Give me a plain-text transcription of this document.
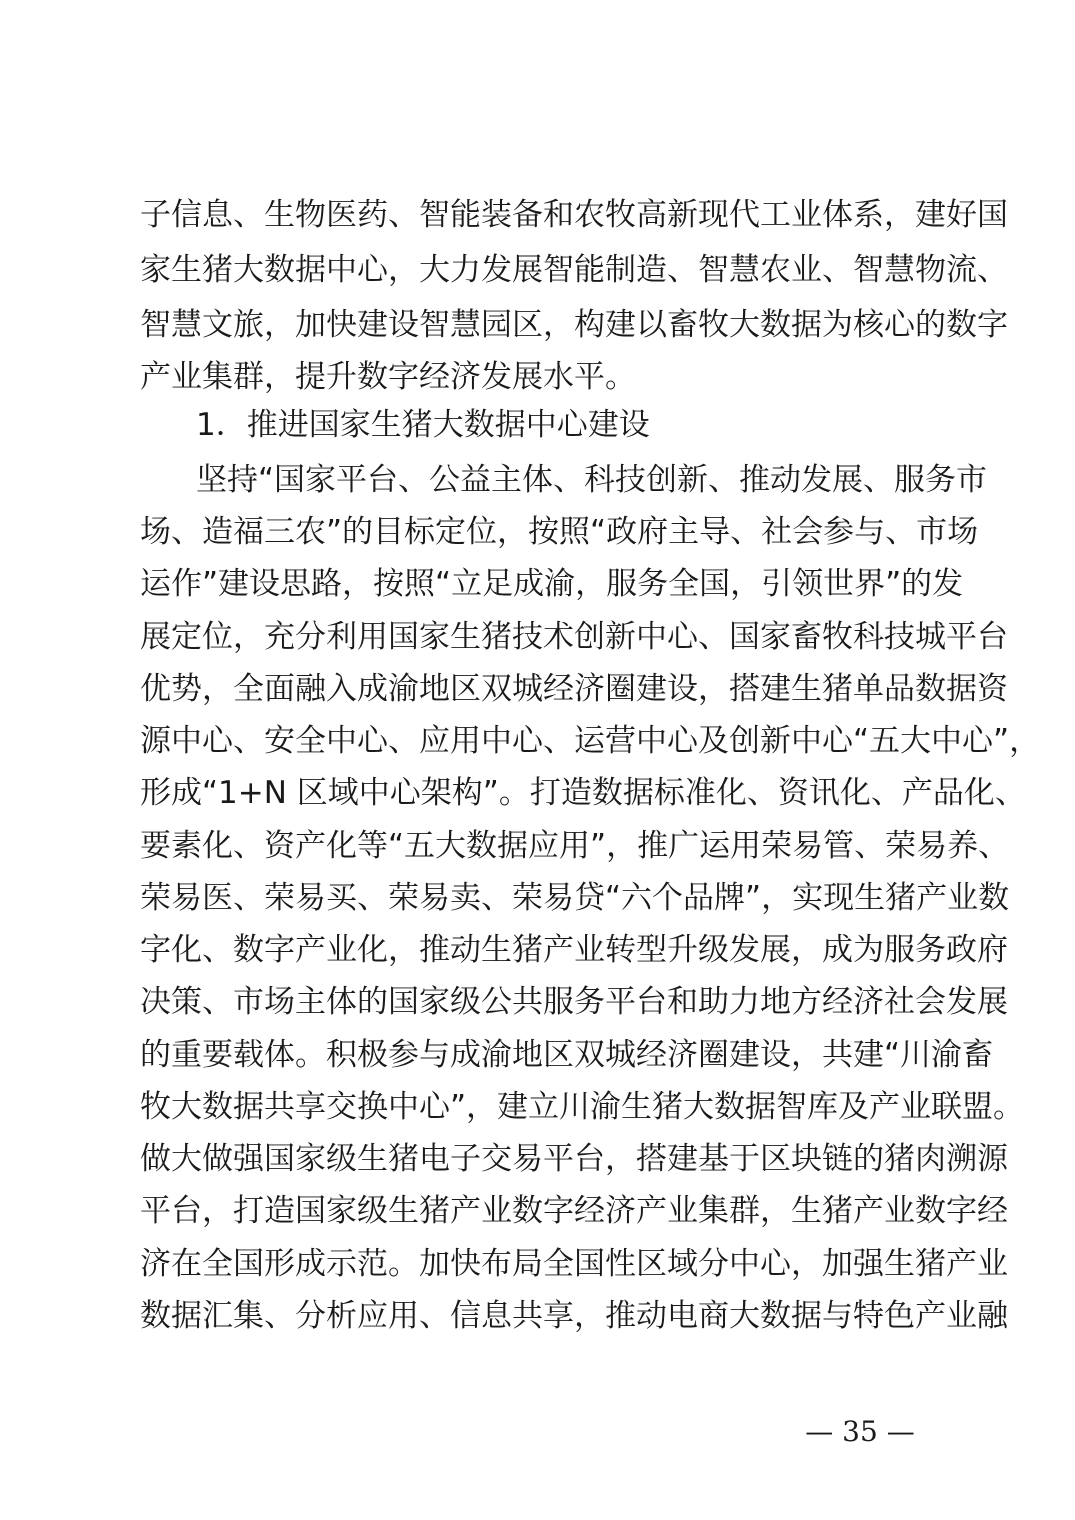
子信息、生物医药、智能装备和农牧高新现代工业体系，建好国
家生猪大数据中心，大力发展智能制造、智慧农业、智慧物流、
智慧文旅，加快建设智慧园区，构建以畜牧大数据为核心的数字
产业集群，提升数字经济发展水平。
1．推进国家生猪大数据中心建设
坚持“国家平台、公益主体、科技创新、推动发展、服务市
场、造福三农”的目标定位，按照“政府主导、社会参与、市场
运作”建设思路，按照“立足成渝，服务全国，引领世界”的发
展定位，充分利用国家生猪技术创新中心、国家畜牧科技城平台
优势，全面融入成渝地区双城经济圈建设，搭建生猪单品数据资
源中心、安全中心、应用中心、运营中心及创新中心“五大中心”，
形成“1+N 区域中心架构”。打造数据标准化、资讯化、产品化、
要素化、资产化等“五大数据应用”，推广运用荣易管、荣易养、
荣易医、荣易买、荣易卖、荣易贷“六个品牌”，实现生猪产业数
字化、数字产业化，推动生猪产业转型升级发展，成为服务政府
决策、市场主体的国家级公共服务平台和助力地方经济社会发展
的重要载体。积极参与成渝地区双城经济圈建设，共建“川渝畜
牧大数据共享交换中心”，建立川渝生猪大数据智库及产业联盟。
做大做强国家级生猪电子交易平台，搭建基于区块链的猪肉溯源
平台，打造国家级生猪产业数字经济产业集群，生猪产业数字经
济在全国形成示范。加快布局全国性区域分中心，加强生猪产业
数据汇集、分析应用、信息共享，推动电商大数据与特色产业融
— 35 —
